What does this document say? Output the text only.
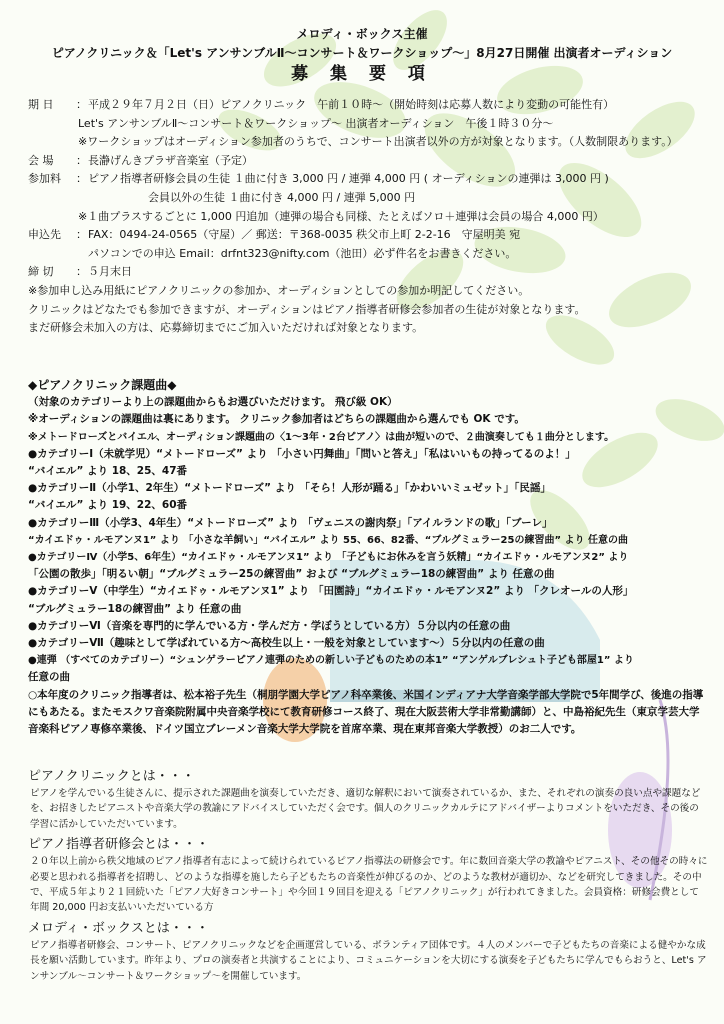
メロディ・ボックス主催
ピアノクリニック＆「Let's アンサンブルⅡ～コンサート＆ワークショップ～」8月27日開催 出演者オーディション
募 集 要 項
期 日	： 平成２９年７月２日（日）ピアノクリニック　午前１０時～（開始時刻は応募人数により変動の可能性有）
Let's アンサンブルⅡ～コンサート＆ワークショップ～ 出演者オーディション　午後１時３０分～
※ワークショップはオーディション参加者のうちで、コンサート出演者以外の方が対象となります。（人数制限あります。）
会 場	： 長瀞げんきプラザ音楽室（予定）
参加料	： ピアノ指導者研修会員の生徒 １曲に付き 3,000 円 / 連弾 4,000 円 ( オーディションの連弾は 3,000 円 )
会員以外の生徒 １曲に付き 4,000 円 / 連弾 5,000 円
※１曲プラスするごとに 1,000 円追加（連弾の場合も同様、たとえばソロ＋連弾は会員の場合 4,000 円）
申込先	： FAX：0494-24-0565（守屋）／ 郵送：〒368-0035 秩父市上町 2-2-16　守屋明美 宛
パソコンでの申込 Email：drfnt323@nifty.com（池田）必ず件名をお書きください。
締 切	： ５月末日
※参加申し込み用紙にピアノクリニックの参加か、オーディションとしての参加か明記してください。
クリニックはどなたでも参加できますが、オーディションはピアノ指導者研修会参加者の生徒が対象となります。
まだ研修会未加入の方は、応募締切までにご加入いただければ対象となります。
◆ピアノクリニック課題曲◆
（対象のカテゴリーより上の課題曲からもお選びいただけます。 飛び級 OK）
※オーディションの課題曲は裏にあります。 クリニック参加者はどちらの課題曲から選んでも OK です。
※メトードローズとバイエル、オーディション課題曲の〈1～3年・2台ピアノ〉は曲が短いので、２曲演奏しても１曲分とします。
●カテゴリーⅠ（未就学児）“メトードローズ” より 「小さい円舞曲」「問いと答え」「私はいいもの持ってるのよ！」
“バイエル” より 18、25、47番
●カテゴリーⅡ（小学1、2年生）“メトードローズ” より 「そら！人形が踊る」「かわいいミュゼット」「民謡」
“バイエル” より 19、22、60番
●カテゴリーⅢ（小学3、4年生）“メトードローズ” より 「ヴェニスの謝肉祭」「アイルランドの歌」「ブーレ」
“カイエドゥ・ルモアンヌ1” より 「小さな羊飼い」“バイエル” より 55、66、82番、“ブルグミュラー25の練習曲” より 任意の曲
●カテゴリーⅣ（小学5、6年生）“カイエドゥ・ルモアンヌ1” より 「子どもにお休みを言う妖精」“カイエドゥ・ルモアンヌ2” より
「公園の散歩」「明るい朝」“ブルグミュラー25の練習曲” および “ブルグミュラー18の練習曲” より 任意の曲
●カテゴリーⅤ（中学生）“カイエドゥ・ルモアンヌ1” より 「田園詩」“カイエドゥ・ルモアンヌ2” より 「クレオールの人形」
“ブルグミュラー18の練習曲” より 任意の曲
●カテゴリーⅥ（音楽を専門的に学んでいる方・学んだ方・学ぼうとしている方）５分以内の任意の曲
●カテゴリーⅦ（趣味として学ばれている方～高校生以上・一般を対象としています～）５分以内の任意の曲
●連弾 （すべてのカテゴリー）“シュンゲラーピアノ連弾のための新しい子どものための本1” “アンゲルブレシュト子ども部屋1” より
任意の曲
○本年度のクリニック指導者は、松本裕子先生（桐朋学園大学ピアノ科卒業後、米国インディアナ大学音楽学部大学院で5年間学び、後進の指導にもあたる。またモスクワ音楽院附属中央音楽学校にて教育研修コース終了、現在大阪芸術大学非常勤講師）と、中島裕紀先生（東京学芸大学音楽科ピアノ専修卒業後、ドイツ国立ブレーメン音楽大学大学院を首席卒業、現在東邦音楽大学教授）のお二人です。
ピアノクリニックとは・・・
ピアノを学んでいる生徒さんに、提示された課題曲を演奏していただき、適切な解釈において演奏されているか、また、それぞれの演奏の良い点や課題などを、お招きしたピアニストや音楽大学の教諭にアドバイスしていただく会です。個人のクリニックカルテにアドバイザーよりコメントをいただき、その後の学習に活かしていただいています。
ピアノ指導者研修会とは・・・
２０年以上前から秩父地域のピアノ指導者有志によって続けられているピアノ指導法の研修会です。年に数回音楽大学の教諭やピアニスト、その他その時々に必要と思われる指導者を招聘し、どのような指導を施したら子どもたちの音楽性が伸びるのか、どのような教材が適切か、などを研究してきました。その中で、平成５年より２１回続いた「ピアノ大好きコンサート」や今回１９回目を迎える「ピアノクリニック」が行われてきました。会員資格：研修会費として年間 20,000 円お支払いいただいている方
メロディ・ボックスとは・・・
ピアノ指導者研修会、コンサート、ピアノクリニックなどを企画運営している、ボランティア団体です。４人のメンバーで子どもたちの音楽による健やかな成長を願い活動しています。昨年より、プロの演奏者と共演することにより、コミュニケーションを大切にする演奏を子どもたちに学んでもらおうと、Let's アンサンブル～コンサート＆ワークショップ～を開催しています。
